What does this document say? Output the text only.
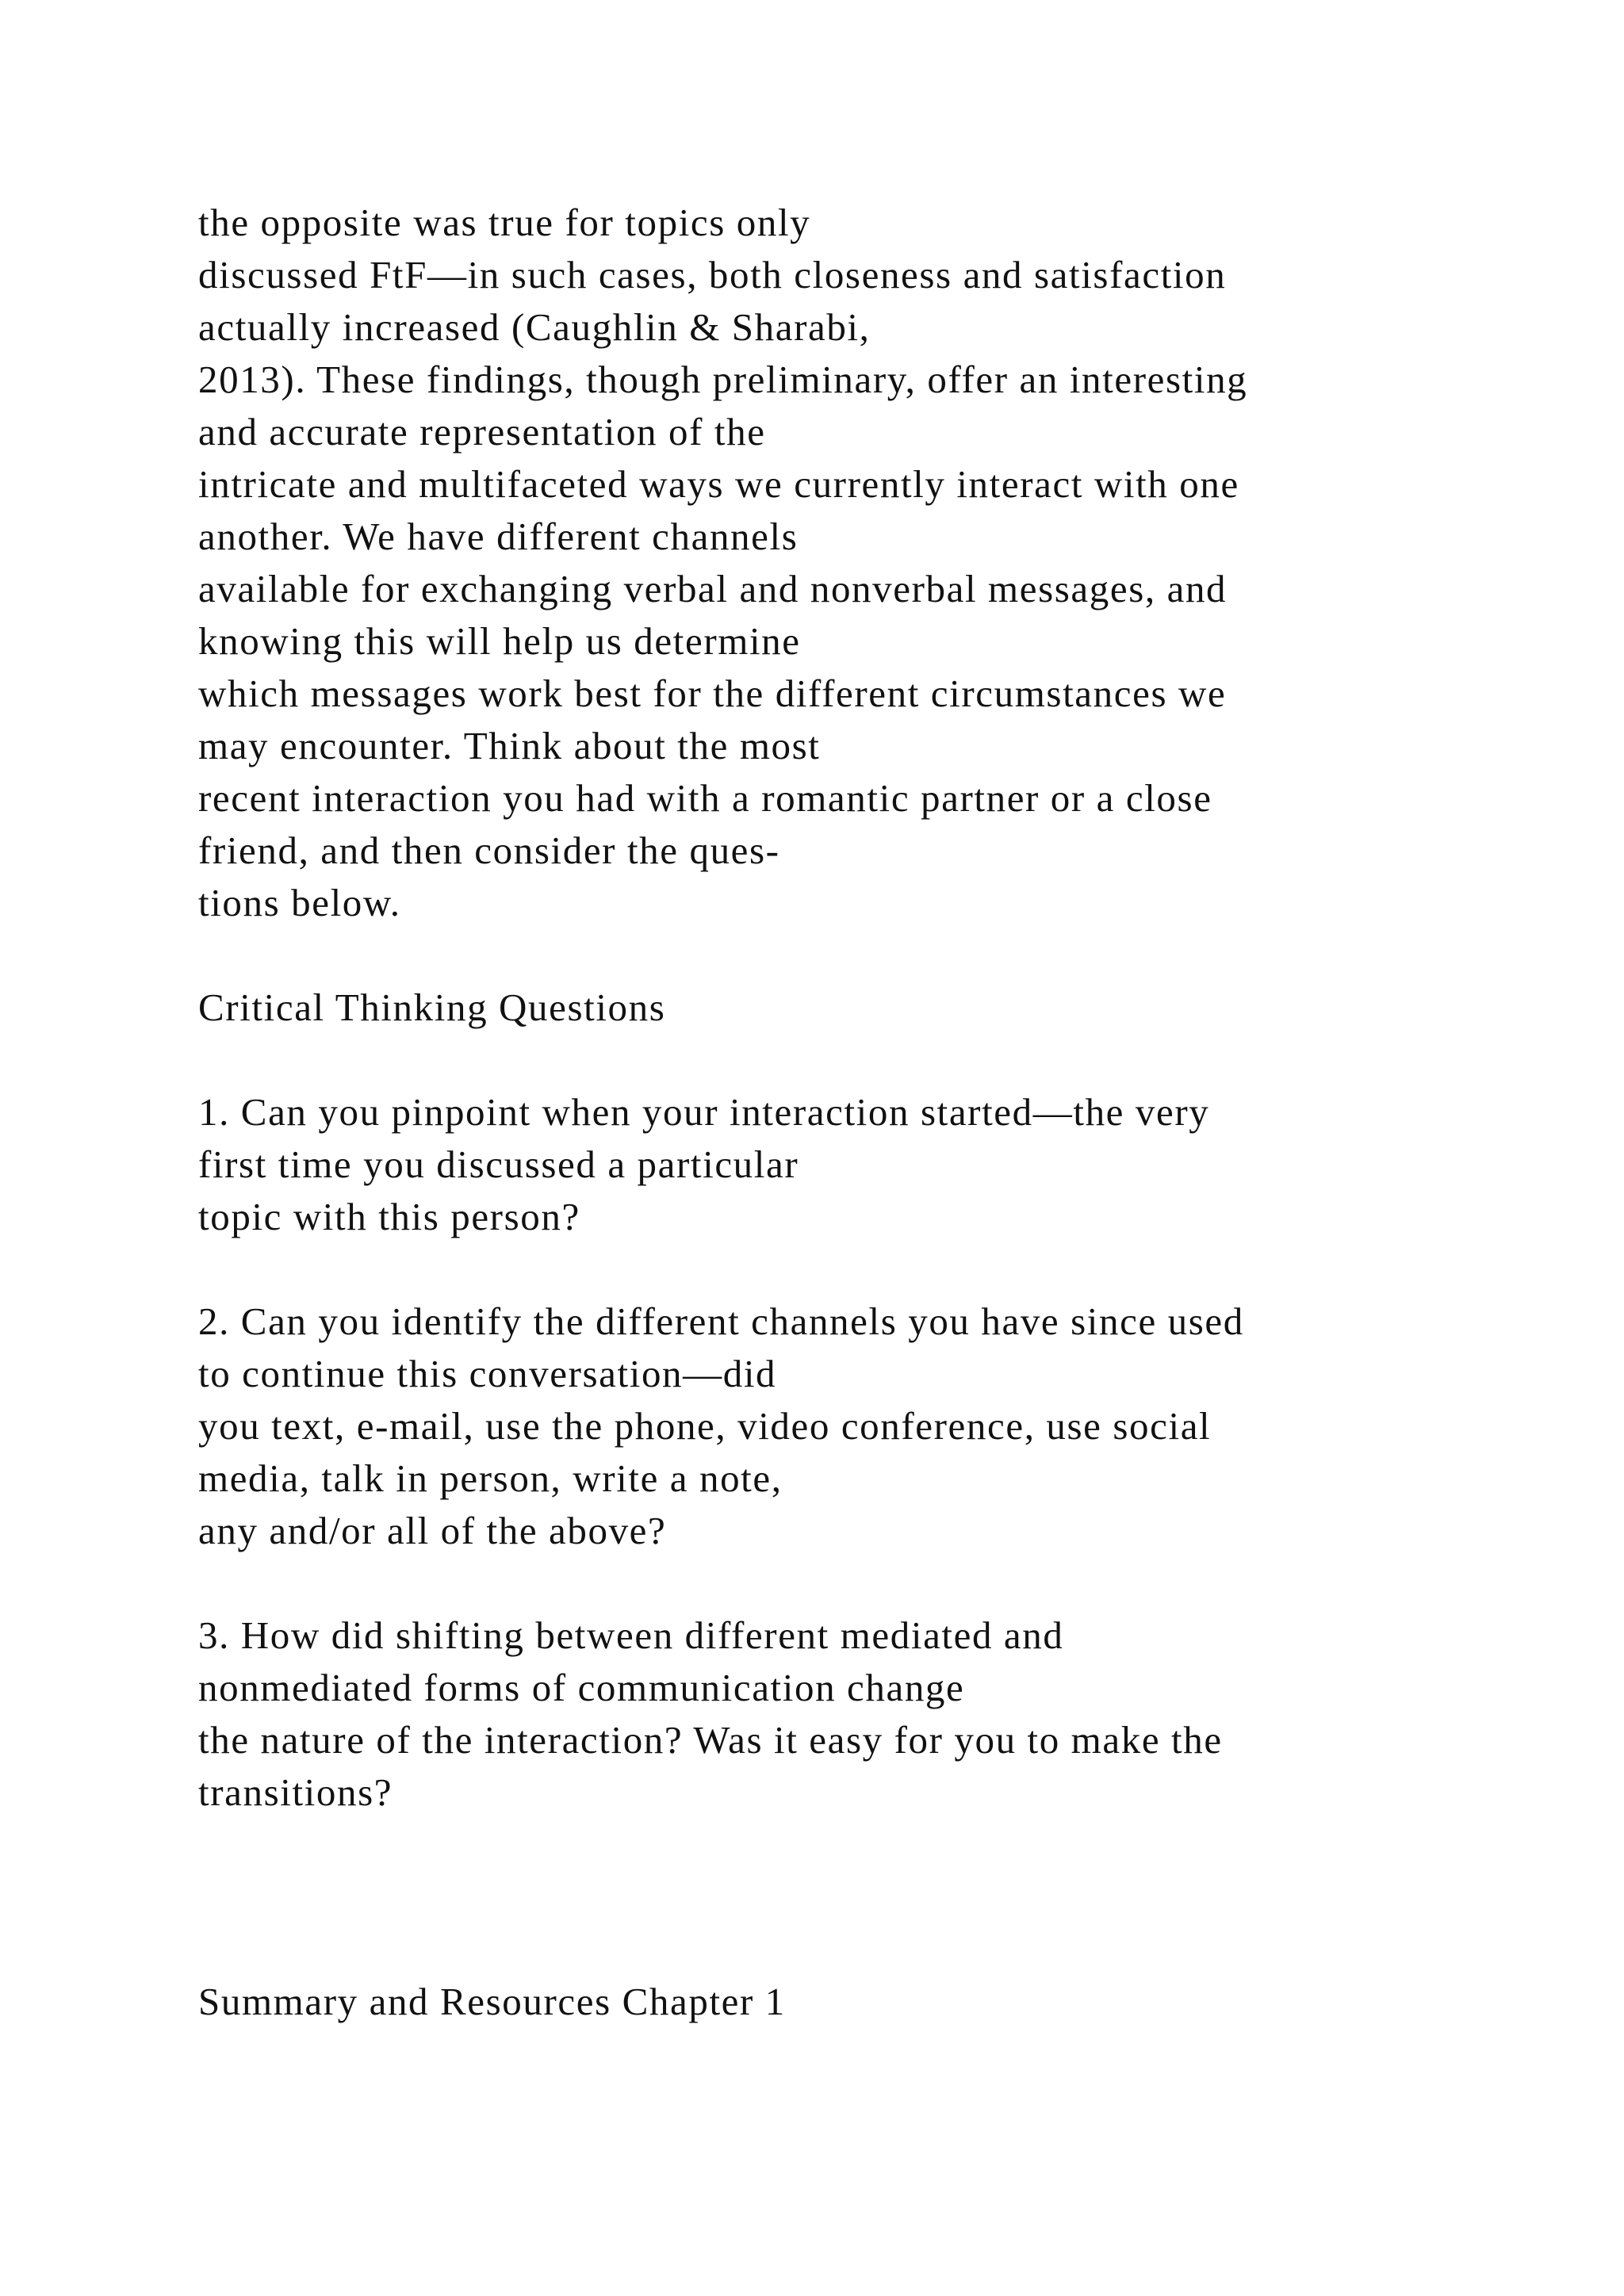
the opposite was true for topics only
discussed FtF—in such cases, both closeness and satisfaction
actually increased (Caughlin & Sharabi,
2013). These findings, though preliminary, offer an interesting
and accurate representation of the
intricate and multifaceted ways we currently interact with one
another. We have different channels
available for exchanging verbal and nonverbal messages, and
knowing this will help us determine
which messages work best for the different circumstances we
may encounter. Think about the most
recent interaction you had with a romantic partner or a close
friend, and then consider the ques-
tions below.
Critical Thinking Questions
1. Can you pinpoint when your interaction started—the very
first time you discussed a particular
topic with this person?
2. Can you identify the different channels you have since used
to continue this conversation—did
you text, e-mail, use the phone, video conference, use social
media, talk in person, write a note,
any and/or all of the above?
3. How did shifting between different mediated and
nonmediated forms of communication change
the nature of the interaction? Was it easy for you to make the
transitions?
Summary and Resources Chapter 1
